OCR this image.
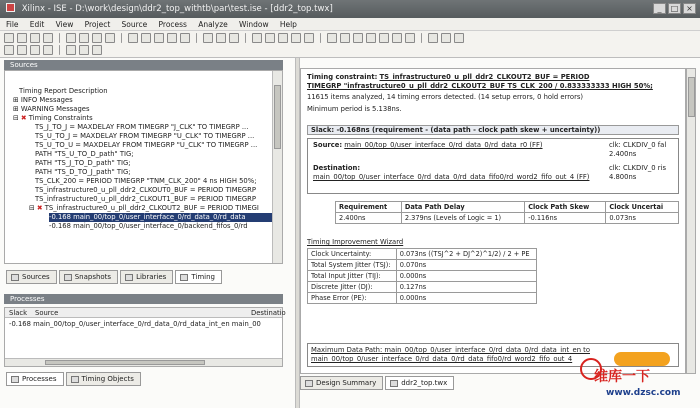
Xilinx - ISE - D:\work\design\ddr2_top_withtb\par\test.ise - [ddr2_top.twx]	_	□ ×
File Edit View Project Source Process Analyze Window Help
Sources
Timing Report Description
⊞ INFO Messages
⊞ WARNING Messages
⊟ ✖ Timing Constraints
TS_J_TO_J = MAXDELAY FROM TIMEGRP "J_CLK" TO TIMEGRP ...
TS_U_TO_J = MAXDELAY FROM TIMEGRP "U_CLK" TO TIMEGRP ...
TS_U_TO_U = MAXDELAY FROM TIMEGRP "U_CLK" TO TIMEGRP ...
PATH "TS_U_TO_D_path" TIG;
PATH "TS_J_TO_D_path" TIG;
PATH "TS_D_TO_J_path" TIG;
TS_CLK_200 = PERIOD TIMEGRP "TNM_CLK_200" 4 ns HIGH 50%;
TS_infrastructure0_u_pll_ddr2_CLKOUT0_BUF = PERIOD TIMEGRP
TS_infrastructure0_u_pll_ddr2_CLKOUT1_BUF = PERIOD TIMEGRP
⊟ ✖ TS_infrastructure0_u_pll_ddr2_CLKOUT2_BUF = PERIOD TIMEGI
-0.168 main_00/top_0/user_interface_0/rd_data_0/rd_data
-0.168 main_00/top_0/user_interface_0/backend_fifos_0/rd
Sources	Snapshots	Libraries	Timing
Processes
Slack Source	Destinatio
-0.168 main_00/top_0/user_interface_0/rd_data_0/rd_data_int_en main_00
Processes	Timing Objects
Timing constraint: TS_infrastructure0_u_pll_ddr2_CLKOUT2_BUF = PERIOD
TIMEGRP "infrastructure0_u_pll_ddr2_CLKOUT2_BUF TS_CLK_200 / 0.833333333 HIGH 50%;
11615 items analyzed, 14 timing errors detected. (14 setup errors, 0 hold errors)
Minimum period is 5.138ns.
Slack: -0.168ns (requirement - (data path - clock path skew + uncertainty))
Source: main_00/top_0/user_interface_0/rd_data_0/rd_data_r0 (FF)	clk: CLKDIV_0 fal
2.400ns
Destination:
main_00/top_0/user_interface_0/rd_data_0/rd_data_fifo0/rd_word2_fifo_out_4 (FF)
clk: CLKDIV_0 ris
4.800ns
Requirement	Data Path Delay	Clock Path Skew	Clock Uncertai
2.400ns	2.379ns (Levels of Logic = 1)	-0.116ns	0.073ns
Timing Improvement Wizard
Clock Uncertainty:	0.073ns ((TSJ^2 + DJ^2)^1/2) / 2 + PE
Total System Jitter (TSJ):	0.070ns
Total Input Jitter (TIJ):	0.000ns
Discrete Jitter (DJ):	0.127ns
Phase Error (PE):	0.000ns
Maximum Data Path: main_00/top_0/user_interface_0/rd_data_0/rd_data_int_en to
main_00/top_0/user_interface_0/rd_data_0/rd_data_fifo0/rd_word2_fifo_out_4
Design Summary	ddr2_top.twx	维库一下
www.dzsc.com
